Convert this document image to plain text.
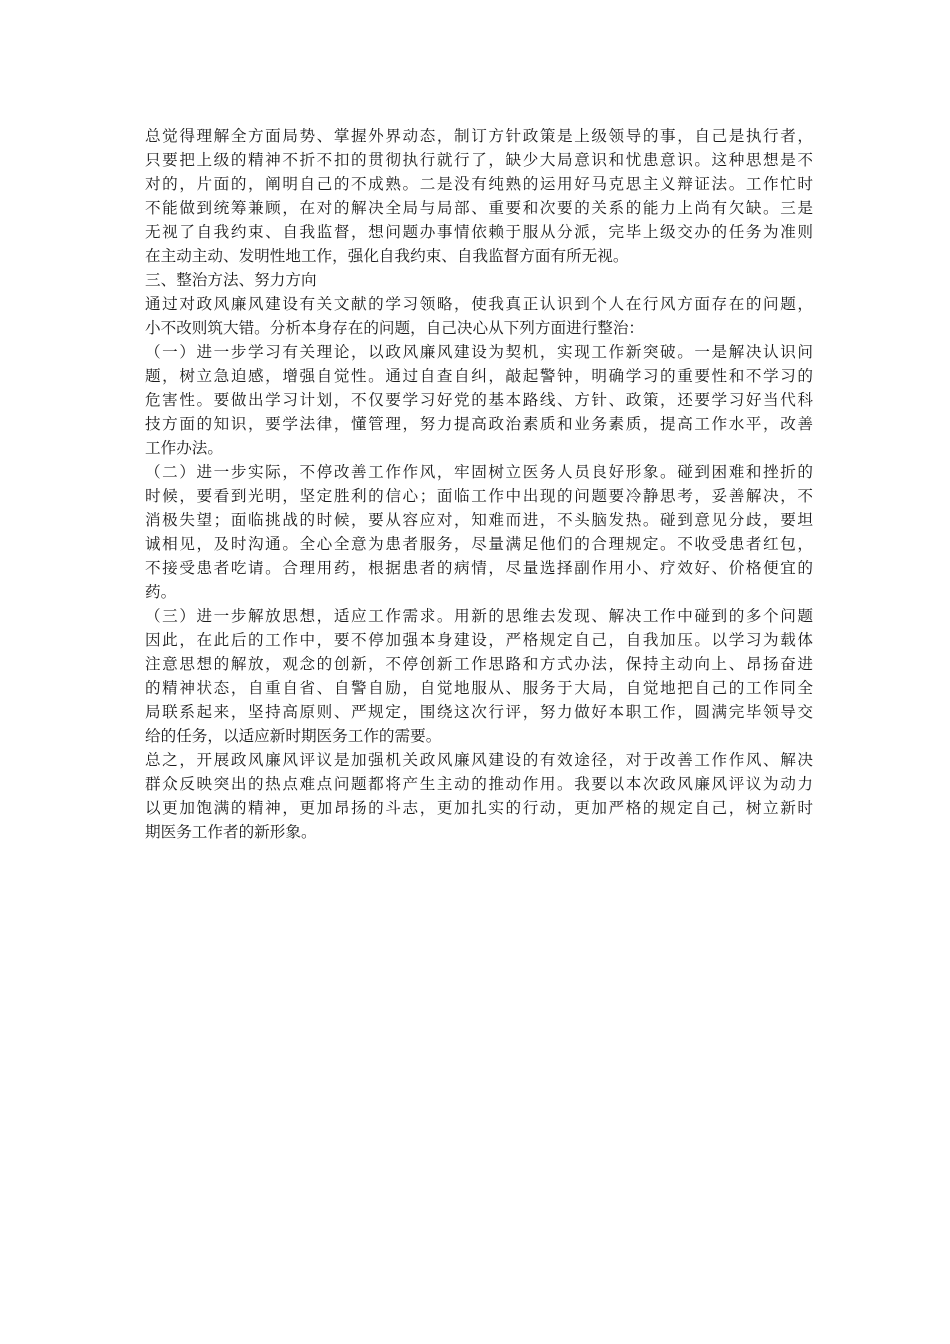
总觉得理解全方面局势、掌握外界动态，制订方针政策是上级领导的事，自己是执行者，
只要把上级的精神不折不扣的贯彻执行就行了，缺少大局意识和忧患意识。这种思想是不
对的，片面的，阐明自己的不成熟。二是没有纯熟的运用好马克思主义辩证法。工作忙时
不能做到统筹兼顾，在对的解决全局与局部、重要和次要的关系的能力上尚有欠缺。三是
无视了自我约束、自我监督，想问题办事情依赖于服从分派，完毕上级交办的任务为准则
在主动主动、发明性地工作，强化自我约束、自我监督方面有所无视。
三、整治方法、努力方向
通过对政风廉风建设有关文献的学习领略，使我真正认识到个人在行风方面存在的问题，
小不改则筑大错。分析本身存在的问题，自己决心从下列方面进行整治：
（一）进一步学习有关理论，以政风廉风建设为契机，实现工作新突破。一是解决认识问
题，树立急迫感，增强自觉性。通过自查自纠，敲起警钟，明确学习的重要性和不学习的
危害性。要做出学习计划，不仅要学习好党的基本路线、方针、政策，还要学习好当代科
技方面的知识，要学法律，懂管理，努力提高政治素质和业务素质，提高工作水平，改善
工作办法。
（二）进一步实际，不停改善工作作风，牢固树立医务人员良好形象。碰到困难和挫折的
时候，要看到光明，坚定胜利的信心；面临工作中出现的问题要冷静思考，妥善解决，不
消极失望；面临挑战的时候，要从容应对，知难而进，不头脑发热。碰到意见分歧，要坦
诚相见，及时沟通。全心全意为患者服务，尽量满足他们的合理规定。不收受患者红包，
不接受患者吃请。合理用药，根据患者的病情，尽量选择副作用小、疗效好、价格便宜的
药。
（三）进一步解放思想，适应工作需求。用新的思维去发现、解决工作中碰到的多个问题
因此，在此后的工作中，要不停加强本身建设，严格规定自己，自我加压。以学习为载体
注意思想的解放，观念的创新，不停创新工作思路和方式办法，保持主动向上、昂扬奋进
的精神状态，自重自省、自警自励，自觉地服从、服务于大局，自觉地把自己的工作同全
局联系起来，坚持高原则、严规定，围绕这次行评，努力做好本职工作，圆满完毕领导交
给的任务，以适应新时期医务工作的需要。
总之，开展政风廉风评议是加强机关政风廉风建设的有效途径，对于改善工作作风、解决
群众反映突出的热点难点问题都将产生主动的推动作用。我要以本次政风廉风评议为动力
以更加饱满的精神，更加昂扬的斗志，更加扎实的行动，更加严格的规定自己，树立新时
期医务工作者的新形象。
